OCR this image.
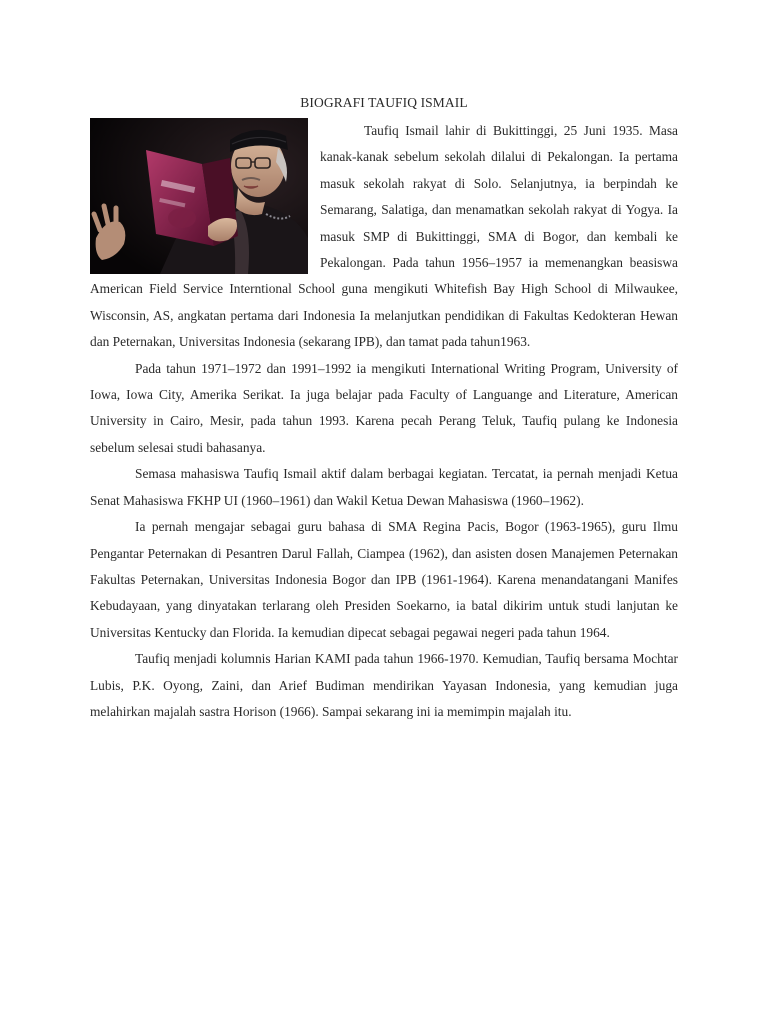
BIOGRAFI TAUFIQ ISMAIL

Taufiq Ismail lahir di Bukittinggi, 25 Juni 1935. Masa kanak-kanak sebelum sekolah dilalui di Pekalongan. Ia pertama masuk sekolah rakyat di Solo. Selanjutnya, ia berpindah ke Semarang, Salatiga, dan menamatkan sekolah rakyat di Yogya. Ia masuk SMP di Bukittinggi, SMA di Bogor, dan kembali ke Pekalongan. Pada tahun 1956–1957 ia memenangkan beasiswa American Field Service Interntional School guna mengikuti Whitefish Bay High School di Milwaukee, Wisconsin, AS, angkatan pertama dari Indonesia Ia melanjutkan pendidikan di Fakultas Kedokteran Hewan dan Peternakan, Universitas Indonesia (sekarang IPB), dan tamat pada tahun1963.

Pada tahun 1971–1972 dan 1991–1992 ia mengikuti International Writing Program, University of Iowa, Iowa City, Amerika Serikat. Ia juga belajar pada Faculty of Languange and Literature, American University in Cairo, Mesir, pada tahun 1993. Karena pecah Perang Teluk, Taufiq pulang ke Indonesia sebelum selesai studi bahasanya.

Semasa mahasiswa Taufiq Ismail aktif dalam berbagai kegiatan. Tercatat, ia pernah menjadi Ketua Senat Mahasiswa FKHP UI (1960–1961) dan Wakil Ketua Dewan Mahasiswa (1960–1962).

Ia pernah mengajar sebagai guru bahasa di SMA Regina Pacis, Bogor (1963-1965), guru Ilmu Pengantar Peternakan di Pesantren Darul Fallah, Ciampea (1962), dan asisten dosen Manajemen Peternakan Fakultas Peternakan, Universitas Indonesia Bogor dan IPB (1961-1964). Karena menandatangani Manifes Kebudayaan, yang dinyatakan terlarang oleh Presiden Soekarno, ia batal dikirim untuk studi lanjutan ke Universitas Kentucky dan Florida. Ia kemudian dipecat sebagai pegawai negeri pada tahun 1964.

Taufiq menjadi kolumnis Harian KAMI pada tahun 1966-1970. Kemudian, Taufiq bersama Mochtar Lubis, P.K. Oyong, Zaini, dan Arief Budiman mendirikan Yayasan Indonesia, yang kemudian juga melahirkan majalah sastra Horison (1966). Sampai sekarang ini ia memimpin majalah itu.
